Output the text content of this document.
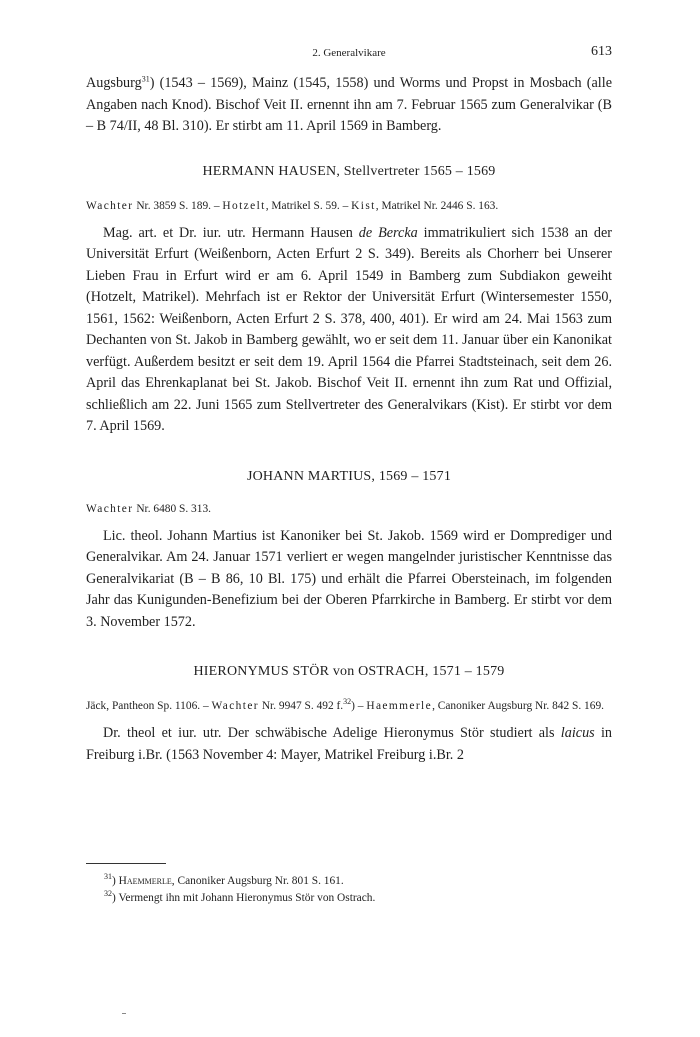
2. Generalvikare	613

Augsburg$^{31}$) (1543 – 1569), Mainz (1545, 1558) und Worms und Propst in Mosbach (alle Angaben nach Knod). Bischof Veit II. ernennt ihn am 7. Februar 1565 zum Generalvikar (B – B 74/II, 48 Bl. 310). Er stirbt am 11. April 1569 in Bamberg.

HERMANN HAUSEN, Stellvertreter 1565 – 1569

Wachter Nr. 3859 S. 189. – Hotzelt, Matrikel S. 59. – Kist, Matrikel Nr. 2446 S. 163.

Mag. art. et Dr. iur. utr. Hermann Hausen de Bercka immatrikuliert sich 1538 an der Universität Erfurt (Weißenborn, Acten Erfurt 2 S. 349). Bereits als Chorherr bei Unserer Lieben Frau in Erfurt wird er am 6. April 1549 in Bamberg zum Subdiakon geweiht (Hotzelt, Matrikel). Mehrfach ist er Rektor der Universität Erfurt (Wintersemester 1550, 1561, 1562: Weißenborn, Acten Erfurt 2 S. 378, 400, 401). Er wird am 24. Mai 1563 zum Dechanten von St. Jakob in Bamberg gewählt, wo er seit dem 11. Januar über ein Kanonikat verfügt. Außerdem besitzt er seit dem 19. April 1564 die Pfarrei Stadtsteinach, seit dem 26. April das Ehrenkaplanat bei St. Jakob. Bischof Veit II. ernennt ihn zum Rat und Offizial, schließlich am 22. Juni 1565 zum Stellvertreter des Generalvikars (Kist). Er stirbt vor dem 7. April 1569.

JOHANN MARTIUS, 1569 – 1571

Wachter Nr. 6480 S. 313.

Lic. theol. Johann Martius ist Kanoniker bei St. Jakob. 1569 wird er Domprediger und Generalvikar. Am 24. Januar 1571 verliert er wegen mangelnder juristischer Kenntnisse das Generalvikariat (B – B 86, 10 Bl. 175) und erhält die Pfarrei Obersteinach, im folgenden Jahr das Kunigunden-Benefizium bei der Oberen Pfarrkirche in Bamberg. Er stirbt vor dem 3. November 1572.

HIERONYMUS STÖR von OSTRACH, 1571 – 1579

Jäck, Pantheon Sp. 1106. – Wachter Nr. 9947 S. 492 f.$^{32}$) – Haemmerle, Canoniker Augsburg Nr. 842 S. 169.

Dr. theol et iur. utr. Der schwäbische Adelige Hieronymus Stör studiert als laicus in Freiburg i.Br. (1563 November 4: Mayer, Matrikel Freiburg i.Br. 2

$^{31}$) Haemmerle, Canoniker Augsburg Nr. 801 S. 161.
$^{32}$) Vermengt ihn mit Johann Hieronymus Stör von Ostrach.
